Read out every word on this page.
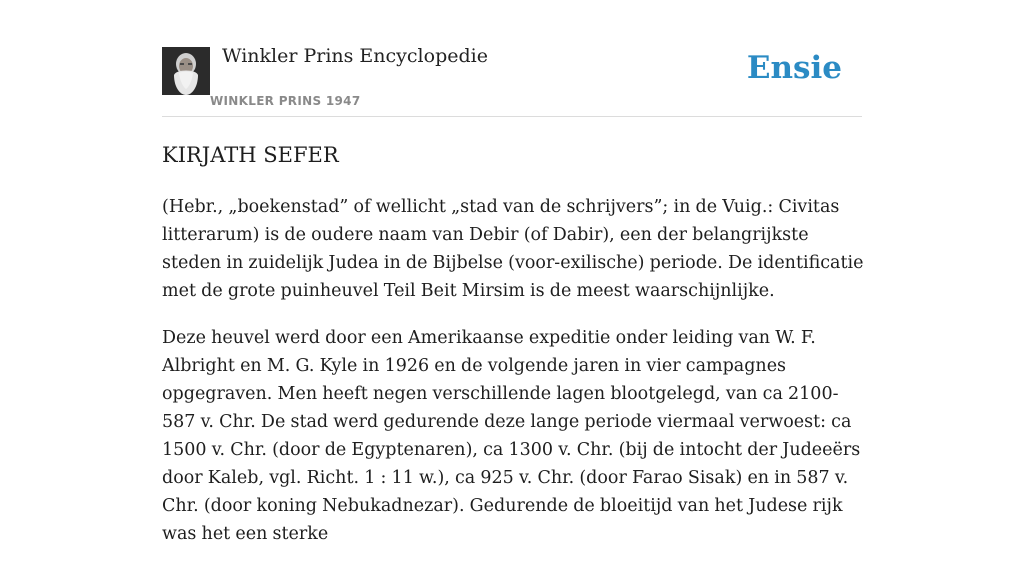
Winkler Prins Encyclopedie
WINKLER PRINS 1947
Ensie
KIRJATH SEFER

(Hebr., „boekenstad” of wellicht „stad van de schrijvers”; in de Vuig.: Civitas litterarum) is de oudere naam van Debir (of Dabir), een der belangrijkste steden in zuidelijk Judea in de Bijbelse (voor-exilische) periode. De identificatie met de grote puinheuvel Teil Beit Mirsim is de meest waarschijnlijke.

Deze heuvel werd door een Amerikaanse expeditie onder leiding van W. F. Albright en M. G. Kyle in 1926 en de volgende jaren in vier campagnes opgegraven. Men heeft negen verschillende lagen blootgelegd, van ca 2100-587 v. Chr. De stad werd gedurende deze lange periode viermaal verwoest: ca 1500 v. Chr. (door de Egyptenaren), ca 1300 v. Chr. (bij de intocht der Judeeërs door Kaleb, vgl. Richt. 1 : 11 w.), ca 925 v. Chr. (door Farao Sisak) en in 587 v. Chr. (door koning Nebukadnezar). Gedurende de bloeitijd van het Judese rijk was het een sterke
